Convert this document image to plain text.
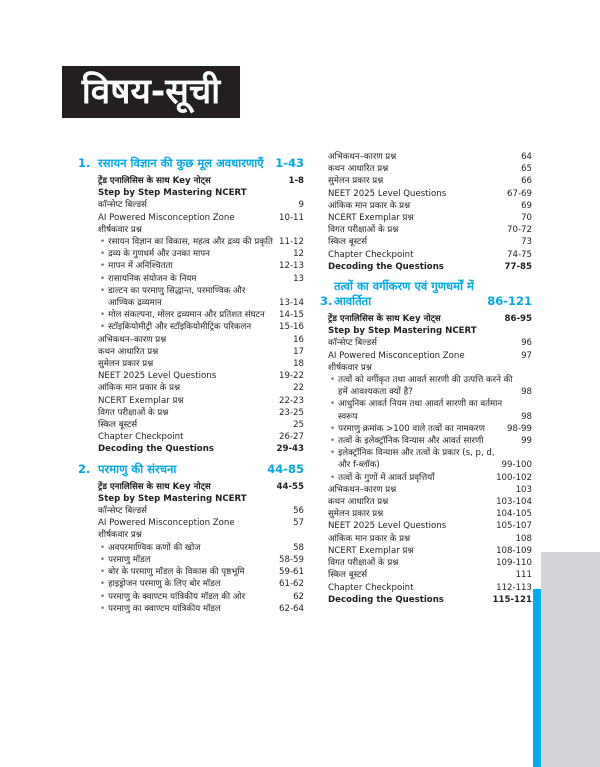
विषय-सूची
1. रसायन विज्ञान की कुछ मूल अवधारणाएँ	1-43
ट्रेंड एनालिसिस के साथ Key नोट्स	1-8
Step by Step Mastering NCERT
कॉन्सेप्ट बिल्डर्स	9
AI Powered Misconception Zone	10-11
शीर्षकवार प्रश्न
• रसायन विज्ञान का विकास, महत्व और द्रव्य की प्रकृति 11-12
• द्रव्य के गुणधर्म और उनका मापन	12
• मापन में अनिश्चितता	12-13
• रासायनिक संयोजन के नियम	13
• डाल्टन का परमाणु सिद्धान्त, परमाण्विक और आण्विक द्रव्यमान	13-14
• मोल संकल्पना, मोलर द्रव्यमान और प्रतिशत संघटन	14-15
• स्टॉइकियोमीट्री और स्टॉइकियोमीट्रिक परिकलन	15-16
अभिकथन–कारण प्रश्न	16
कथन आधारित प्रश्न	17
सुमेलन प्रकार प्रश्न	18
NEET 2025 Level Questions	19-22
आंकिक मान प्रकार के प्रश्न	22
NCERT Exemplar प्रश्न	22-23
विगत परीक्षाओं के प्रश्न	23-25
स्किल बूस्टर्स	25
Chapter Checkpoint	26-27
Decoding the Questions	29-43
2. परमाणु की संरचना	44-85
ट्रेंड एनालिसिस के साथ Key नोट्स	44-55
Step by Step Mastering NCERT
कॉन्सेप्ट बिल्डर्स	56
AI Powered Misconception Zone	57
शीर्षकवार प्रश्न
• अवपरमाण्विक कणों की खोज	58
• परमाणु मॉडल	58-59
• बोर के परमाणु मॉडल के विकास की पृष्ठभूमि	59-61
• हाइड्रोजन परमाणु के लिए बोर मॉडल	61-62
• परमाणु के क्वाण्टम यांत्रिकीय मॉडल की ओर	62
• परमाणु का क्वाण्टम यांत्रिकीय मॉडल	62-64
अभिकथन–कारण प्रश्न	64
कथन आधारित प्रश्न	65
सुमेलन प्रकार प्रश्न	66
NEET 2025 Level Questions	67-69
आंकिक मान प्रकार के प्रश्न	69
NCERT Exemplar प्रश्न	70
विगत परीक्षाओं के प्रश्न	70-72
स्किल बूस्टर्स	73
Chapter Checkpoint	74-75
Decoding the Questions	77-85
3.
तत्वों का वर्गीकरण एवं गुणधर्मों में आवर्तिता	86-121
ट्रेंड एनालिसिस के साथ Key नोट्स	86-95
Step by Step Mastering NCERT
कॉन्सेप्ट बिल्डर्स	96
AI Powered Misconception Zone	97
शीर्षकवार प्रश्न
• तत्वों को वर्गीकृत तथा आवर्त सारणी की उत्पत्ति करने की हमें आवश्यकता क्यों है?	98
• आधुनिक आवर्त नियम तथा आवर्त सारणी का वर्तमान स्वरूप	98
• परमाणु क्रमांक >100 वाले तत्वों का नामकरण	98-99
• तत्वों के इलेक्ट्रॉनिक विन्यास और आवर्त सारणी	99
• इलेक्ट्रॉनिक विन्यास और तत्वों के प्रकार (s, p, d, और f-ब्लॉक)	99-100
• तत्वों के गुणों में आवर्त प्रवृत्तियाँ	100-102
अभिकथन–कारण प्रश्न	103
कथन आधारित प्रश्न	103-104
सुमेलन प्रकार प्रश्न	104-105
NEET 2025 Level Questions	105-107
आंकिक मान प्रकार के प्रश्न	108
NCERT Exemplar प्रश्न	108-109
विगत परीक्षाओं के प्रश्न	109-110
स्किल बूस्टर्स	111
Chapter Checkpoint	112-113
Decoding the Questions	115-121
